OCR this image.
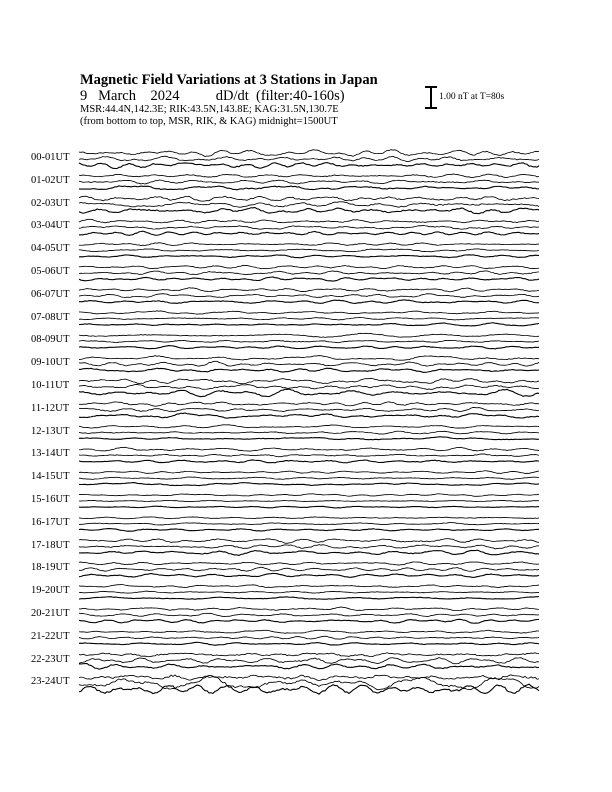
Magnetic Field Variations at 3 Stations in Japan
9   March    2024          dD/dt  (filter:40-160s)
MSR:44.4N,142.3E; RIK:43.5N,143.8E; KAG:31.5N,130.7E
(from bottom to top, MSR, RIK, & KAG) midnight=1500UT
1.00 nT at T=80s
00-01UT
01-02UT
02-03UT
03-04UT
04-05UT
05-06UT
06-07UT
07-08UT
08-09UT
09-10UT
10-11UT
11-12UT
12-13UT
13-14UT
14-15UT
15-16UT
16-17UT
17-18UT
18-19UT
19-20UT
20-21UT
21-22UT
22-23UT
23-24UT
